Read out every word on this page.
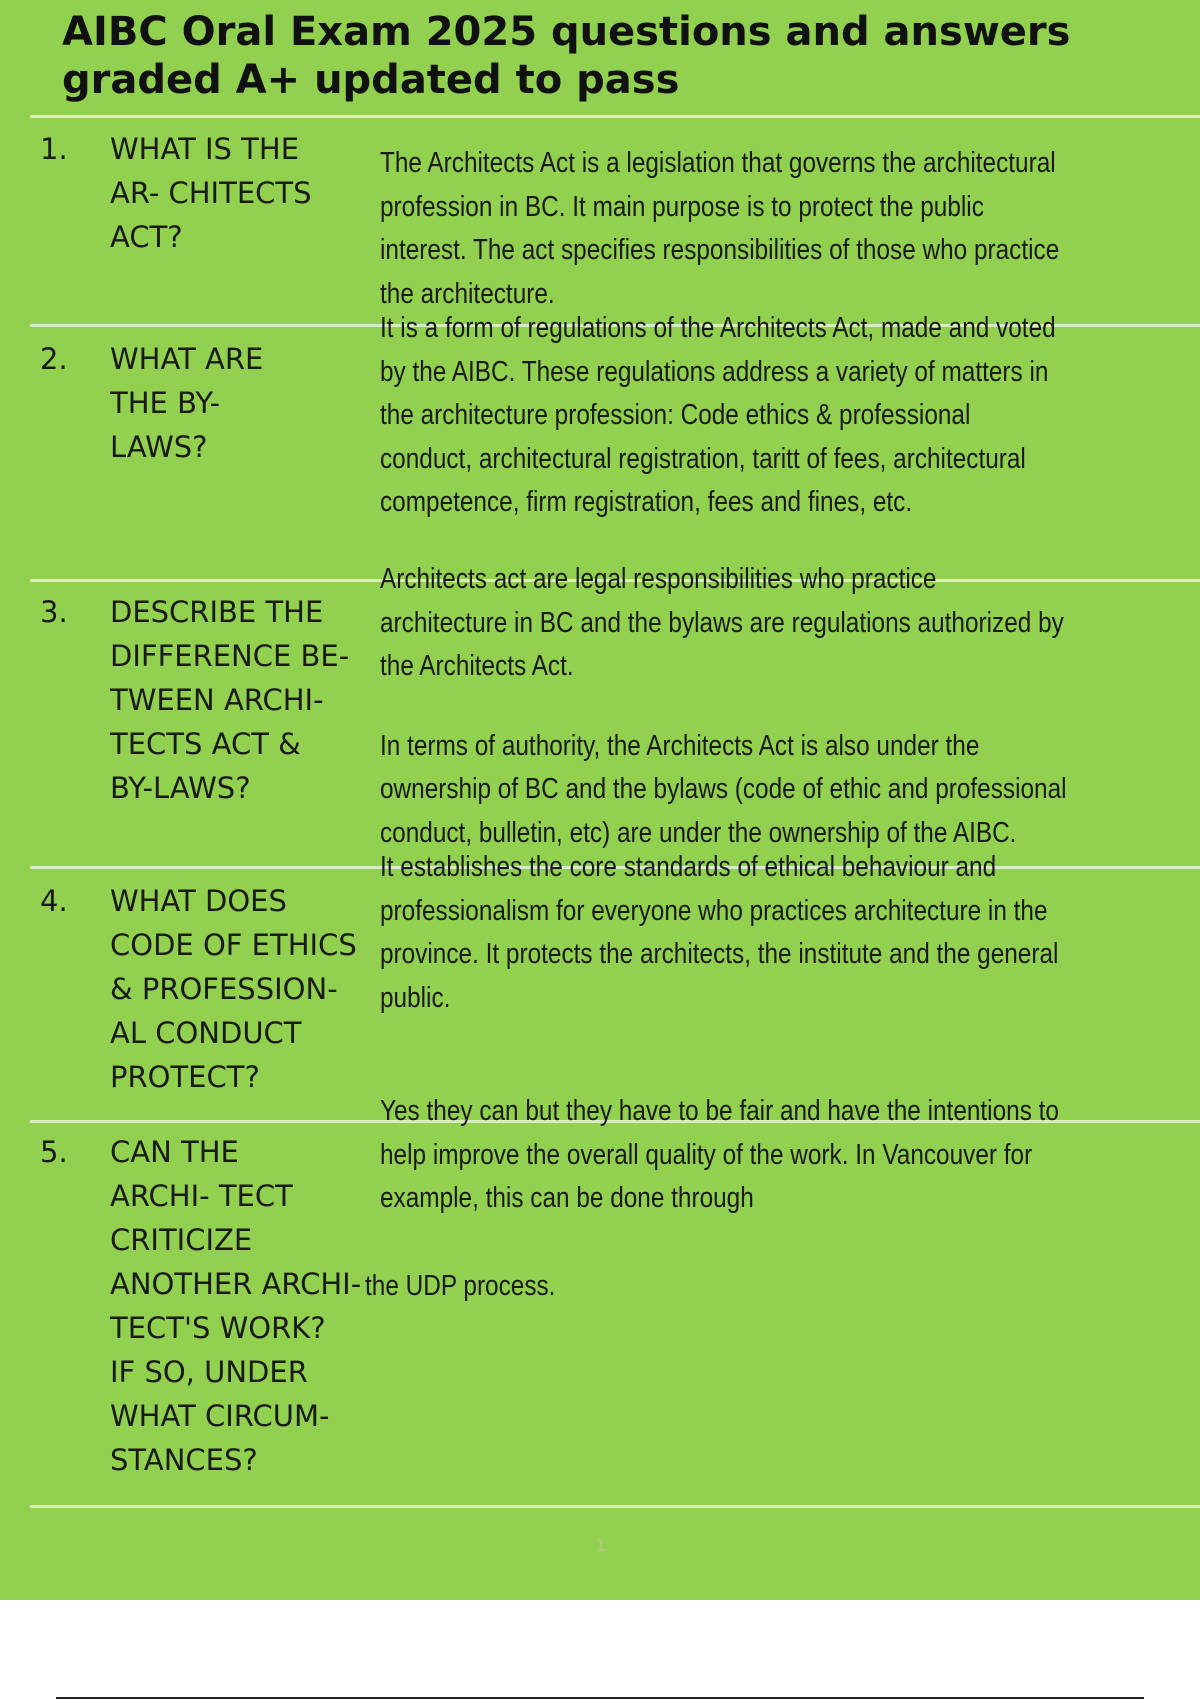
AIBC Oral Exam 2025 questions and answers graded A+ updated to pass
1. WHAT IS THE
AR- CHITECTS
ACT?

The Architects Act is a legislation that governs the architectural profession in BC. It main purpose is to protect the public interest. The act specifies responsibilities of those who practice the architecture.

2. WHAT ARE
THE BY-
LAWS?

It is a form of regulations of the Architects Act, made and voted by the AIBC. These regulations address a variety of matters in the architecture profession: Code ethics & professional conduct, architectural registration, taritt of fees, architectural competence, firm registration, fees and fines, etc.

3. DESCRIBE THE
DIFFERENCE BE-
TWEEN ARCHI-
TECTS ACT &
BY-LAWS?

Architects act are legal responsibilities who practice architecture in BC and the bylaws are regulations authorized by the Architects Act.

In terms of authority, the Architects Act is also under the ownership of BC and the bylaws (code of ethic and professional conduct, bulletin, etc) are under the ownership of the AIBC.

4. WHAT DOES
CODE OF ETHICS
& PROFESSION-
AL CONDUCT
PROTECT?

It establishes the core standards of ethical behaviour and professionalism for everyone who practices architecture in the province. It protects the architects, the institute and the general public.

5. CAN THE
ARCHI- TECT
CRITICIZE
ANOTHER ARCHI-
TECT'S WORK?
IF SO, UNDER
WHAT CIRCUM-
STANCES?

Yes they can but they have to be fair and have the intentions to help improve the overall quality of the work. In Vancouver for example, this can be done through

the UDP process.

1
